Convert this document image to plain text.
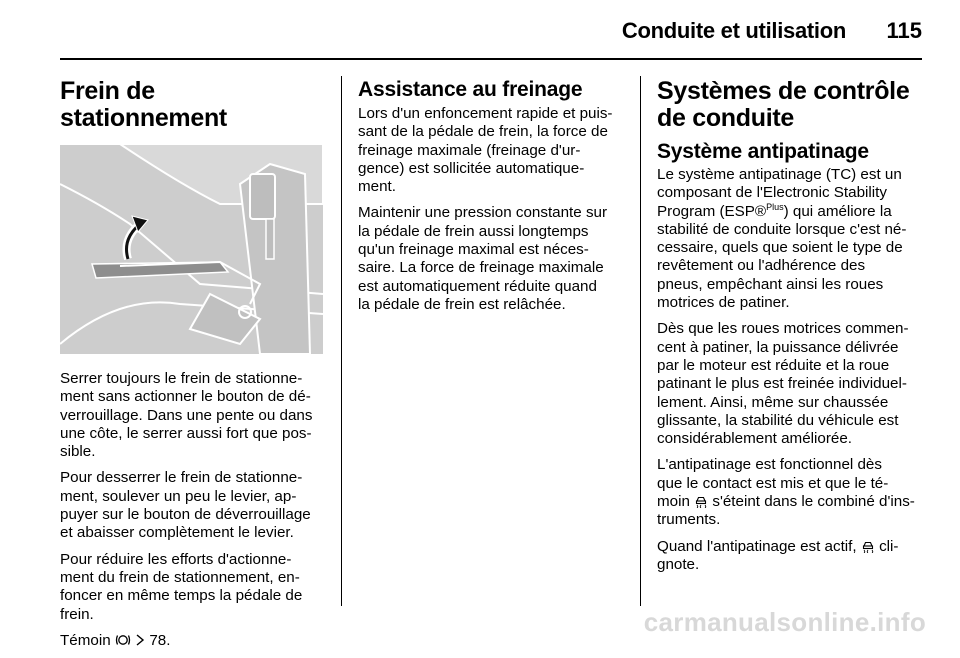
Conduite et utilisation 115
Frein de stationnement

Serrer toujours le frein de stationne-
ment sans actionner le bouton de dé-
verrouillage. Dans une pente ou dans
une côte, le serrer aussi fort que pos-
sible.

Pour desserrer le frein de stationne-
ment, soulever un peu le levier, ap-
puyer sur le bouton de déverrouillage
et abaisser complètement le levier.

Pour réduire les efforts d'actionne-
ment du frein de stationnement, en-
foncer en même temps la pédale de
frein.

Témoin   78.

Assistance au freinage

Lors d'un enfoncement rapide et puis-
sant de la pédale de frein, la force de
freinage maximale (freinage d'ur-
gence) est sollicitée automatique-
ment.

Maintenir une pression constante sur
la pédale de frein aussi longtemps
qu'un freinage maximal est néces-
saire. La force de freinage maximale
est automatiquement réduite quand
la pédale de frein est relâchée.

Systèmes de contrôle
de conduite
Système antipatinage

Le système antipatinage (TC) est un
composant de l'Electronic Stability
Program (ESP®$^{Plus}$) qui améliore la
stabilité de conduite lorsque c'est né-
cessaire, quels que soient le type de
revêtement ou l'adhérence des
pneus, empêchant ainsi les roues
motrices de patiner.

Dès que les roues motrices commen-
cent à patiner, la puissance délivrée
par le moteur est réduite et la roue
patinant le plus est freinée individuel-
lement. Ainsi, même sur chaussée
glissante, la stabilité du véhicule est
considérablement améliorée.

L'antipatinage est fonctionnel dès
que le contact est mis et que le té-
moin  s'éteint dans le combiné d'ins-
truments.

Quand l'antipatinage est actif,  cli-
gnote.

carmanualsonline.info
